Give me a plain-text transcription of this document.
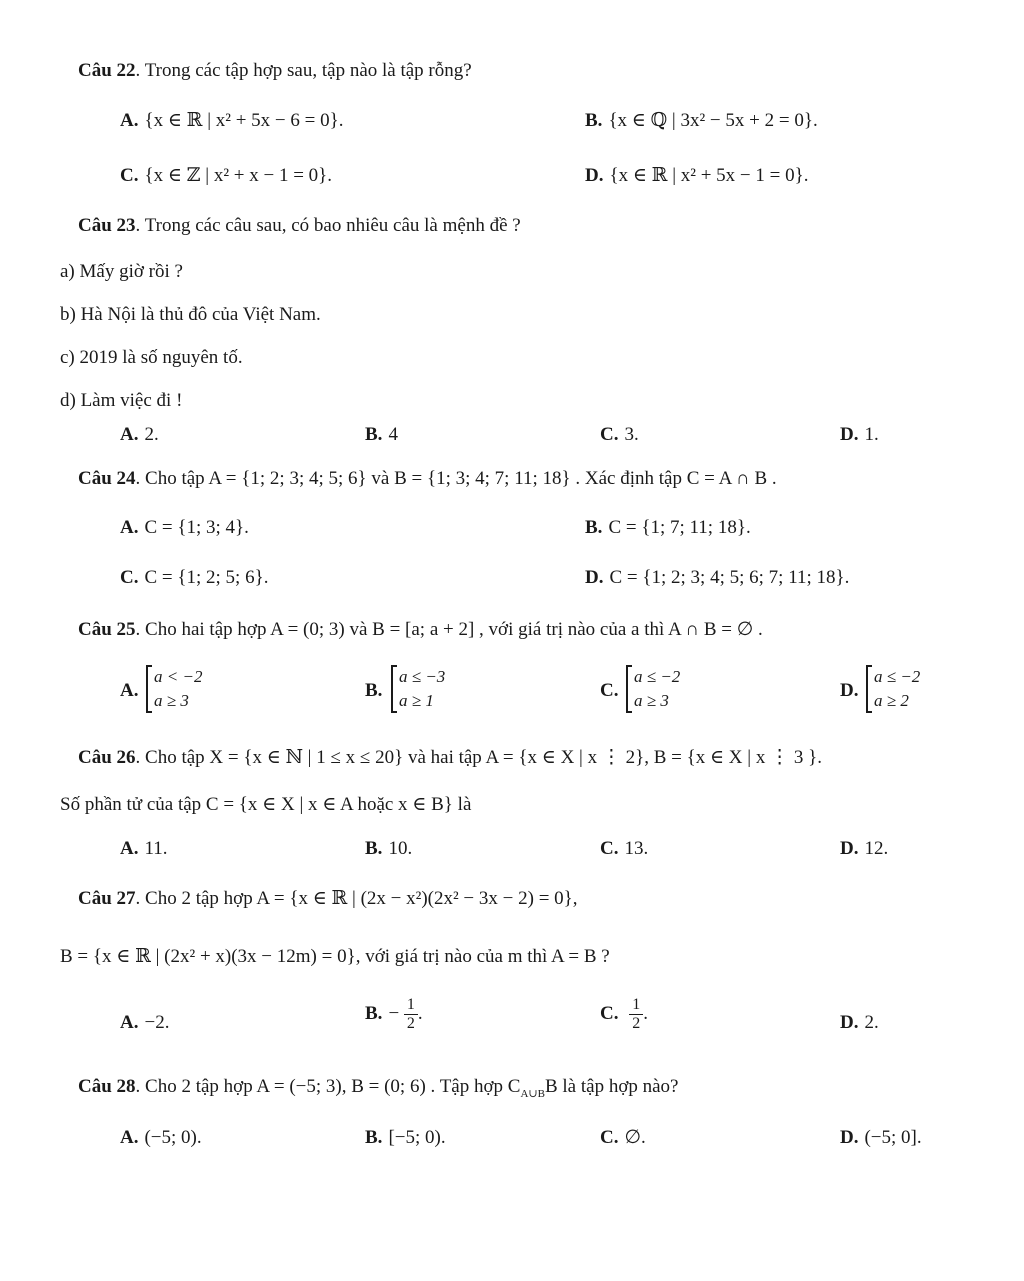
Câu 22. Trong các tập hợp sau, tập nào là tập rỗng?
A. {x ∈ ℝ | x² + 5x − 6 = 0}.	B. {x ∈ ℚ | 3x² − 5x + 2 = 0}.
C. {x ∈ ℤ | x² + x − 1 = 0}.	D. {x ∈ ℝ | x² + 5x − 1 = 0}.
Câu 23. Trong các câu sau, có bao nhiêu câu là mệnh đề ?
a) Mấy giờ rồi ?
b) Hà Nội là thủ đô của Việt Nam.
c) 2019 là số nguyên tố.
d) Làm việc đi !
A. 2.	B. 4	C. 3.	D. 1.
Câu 24. Cho tập A = {1; 2; 3; 4; 5; 6} và B = {1; 3; 4; 7; 11; 18} . Xác định tập C = A ∩ B .
A. C = {1; 3; 4}.	B. C = {1; 7; 11; 18}.
C. C = {1; 2; 5; 6}.	D. C = {1; 2; 3; 4; 5; 6; 7; 11; 18}.
Câu 25. Cho hai tập hợp A = (0; 3) và B = [a; a + 2] , với giá trị nào của a thì A ∩ B = ∅ .
A.
a < −2
a ≥ 3	B.
a ≤ −3
a ≥ 1	C.
a ≤ −2
a ≥ 3	D.
a ≤ −2
a ≥ 2
Câu 26. Cho tập X = {x ∈ ℕ | 1 ≤ x ≤ 20} và hai tập A = {x ∈ X | x ⋮ 2}, B = {x ∈ X | x ⋮ 3 }.
Số phần tử của tập C = {x ∈ X | x ∈ A hoặc x ∈ B} là
A. 11.	B. 10.	C. 13.	D. 12.
Câu 27. Cho 2 tập hợp A = {x ∈ ℝ | (2x − x²)(2x² − 3x − 2) = 0},
B = {x ∈ ℝ | (2x² + x)(3x − 12m) = 0}, với giá trị nào của m thì A = B ?
A. −2.	B. − $\frac{1}{2}$ .	C. $\frac{1}{2}$ .	D. 2.
Câu 28. Cho 2 tập hợp A = (−5; 3), B = (0; 6) . Tập hợp $C_{A\cup B}B$ là tập hợp nào?
A. (−5; 0).	B. [−5; 0).	C. ∅.	D. (−5; 0].
